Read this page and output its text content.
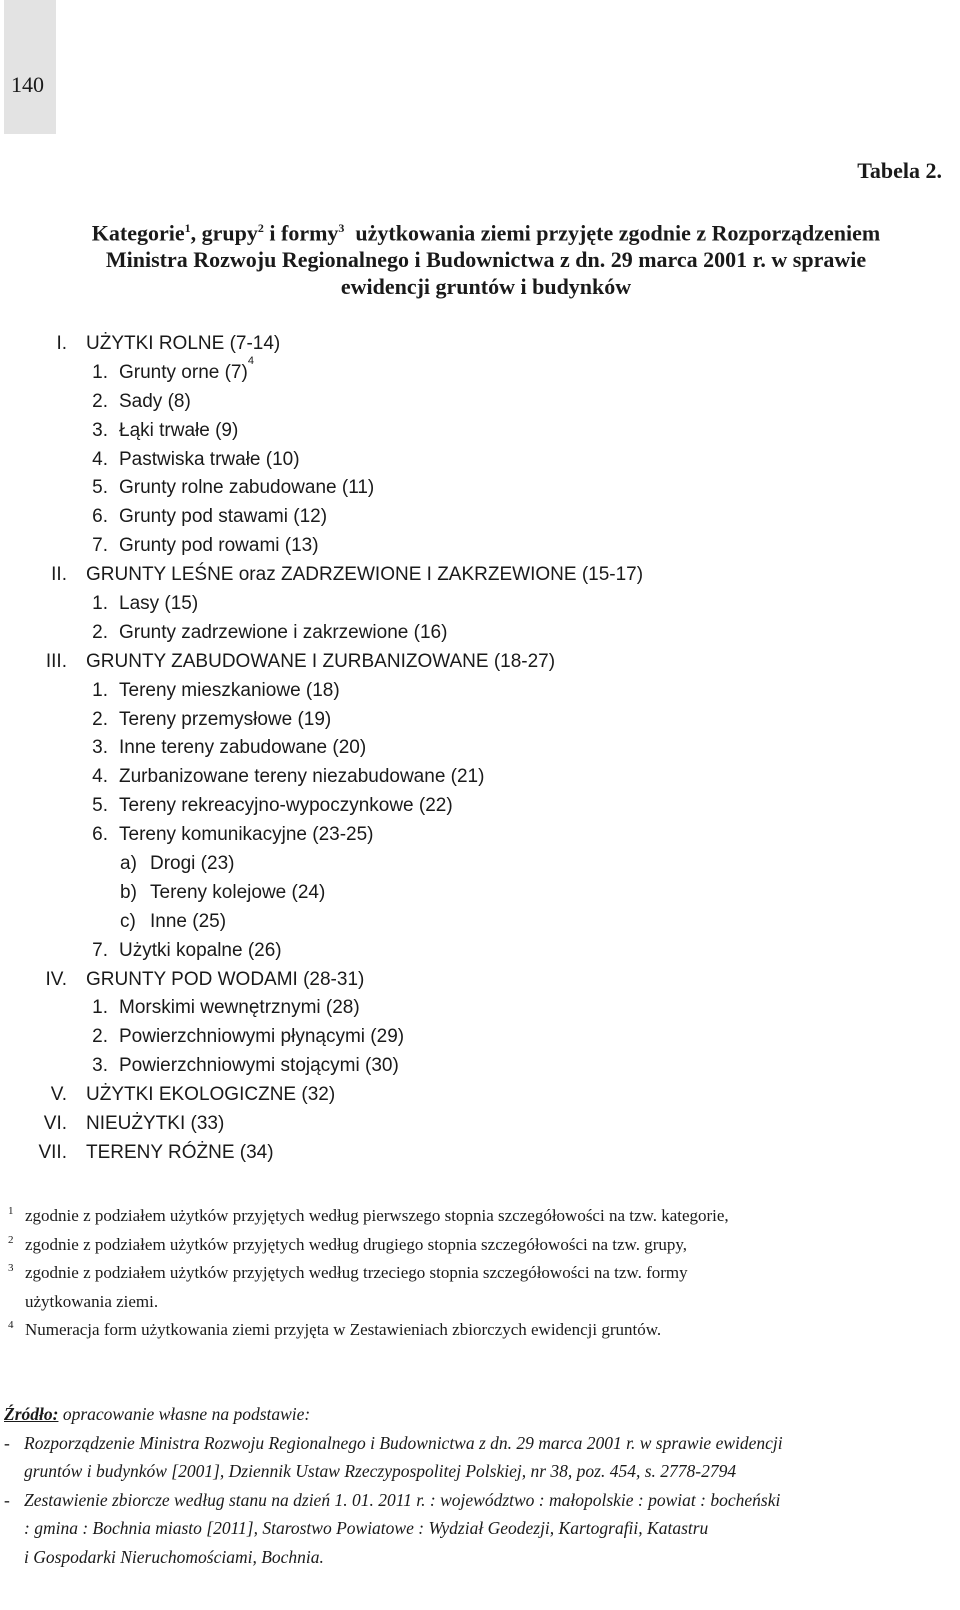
140
Tabela 2.
Kategorie$^1$, grupy$^2$ i formy$^3$  użytkowania ziemi przyjęte zgodnie z Rozporządzeniem
Ministra Rozwoju Regionalnego i Budownictwa z dn. 29 marca 2001 r. w sprawie
ewidencji gruntów i budynków
I. UŻYTKI ROLNE (7-14)
1. Grunty orne $(7)^4$
2. Sady (8)
3. Łąki trwałe (9)
4. Pastwiska trwałe (10)
5. Grunty rolne zabudowane (11)
6. Grunty pod stawami (12)
7. Grunty pod rowami (13)
II. GRUNTY LEŚNE oraz ZADRZEWIONE I ZAKRZEWIONE (15-17)
1. Lasy (15)
2. Grunty zadrzewione i zakrzewione (16)
III. GRUNTY ZABUDOWANE I ZURBANIZOWANE (18-27)
1. Tereny mieszkaniowe (18)
2. Tereny przemysłowe (19)
3. Inne tereny zabudowane (20)
4. Zurbanizowane tereny niezabudowane (21)
5. Tereny rekreacyjno-wypoczynkowe (22)
6. Tereny komunikacyjne (23-25)
a) Drogi (23)
b) Tereny kolejowe (24)
c) Inne (25)
7. Użytki kopalne (26)
IV. GRUNTY POD WODAMI (28-31)
1. Morskimi wewnętrznymi (28)
2. Powierzchniowymi płynącymi (29)
3. Powierzchniowymi stojącymi (30)
V. UŻYTKI EKOLOGICZNE (32)
VI. NIEUŻYTKI (33)
VII. TERENY RÓŻNE (34)
1 zgodnie z podziałem użytków przyjętych według pierwszego stopnia szczegółowości na tzw. kategorie,
2 zgodnie z podziałem użytków przyjętych według drugiego stopnia szczegółowości na tzw. grupy,
3 zgodnie z podziałem użytków przyjętych według trzeciego stopnia szczegółowości na tzw. formy
użytkowania ziemi.
4 Numeracja form użytkowania ziemi przyjęta w Zestawieniach zbiorczych ewidencji gruntów.
Źródło: opracowanie własne na podstawie:
- Rozporządzenie Ministra Rozwoju Regionalnego i Budownictwa z dn. 29 marca 2001 r. w sprawie ewidencji
gruntów i budynków [2001], Dziennik Ustaw Rzeczypospolitej Polskiej, nr 38, poz. 454, s. 2778-2794
- Zestawienie zbiorcze według stanu na dzień 1. 01. 2011 r. : województwo : małopolskie : powiat : bocheński
: gmina : Bochnia miasto [2011], Starostwo Powiatowe : Wydział Geodezji, Kartografii, Katastru
i Gospodarki Nieruchomościami, Bochnia.
